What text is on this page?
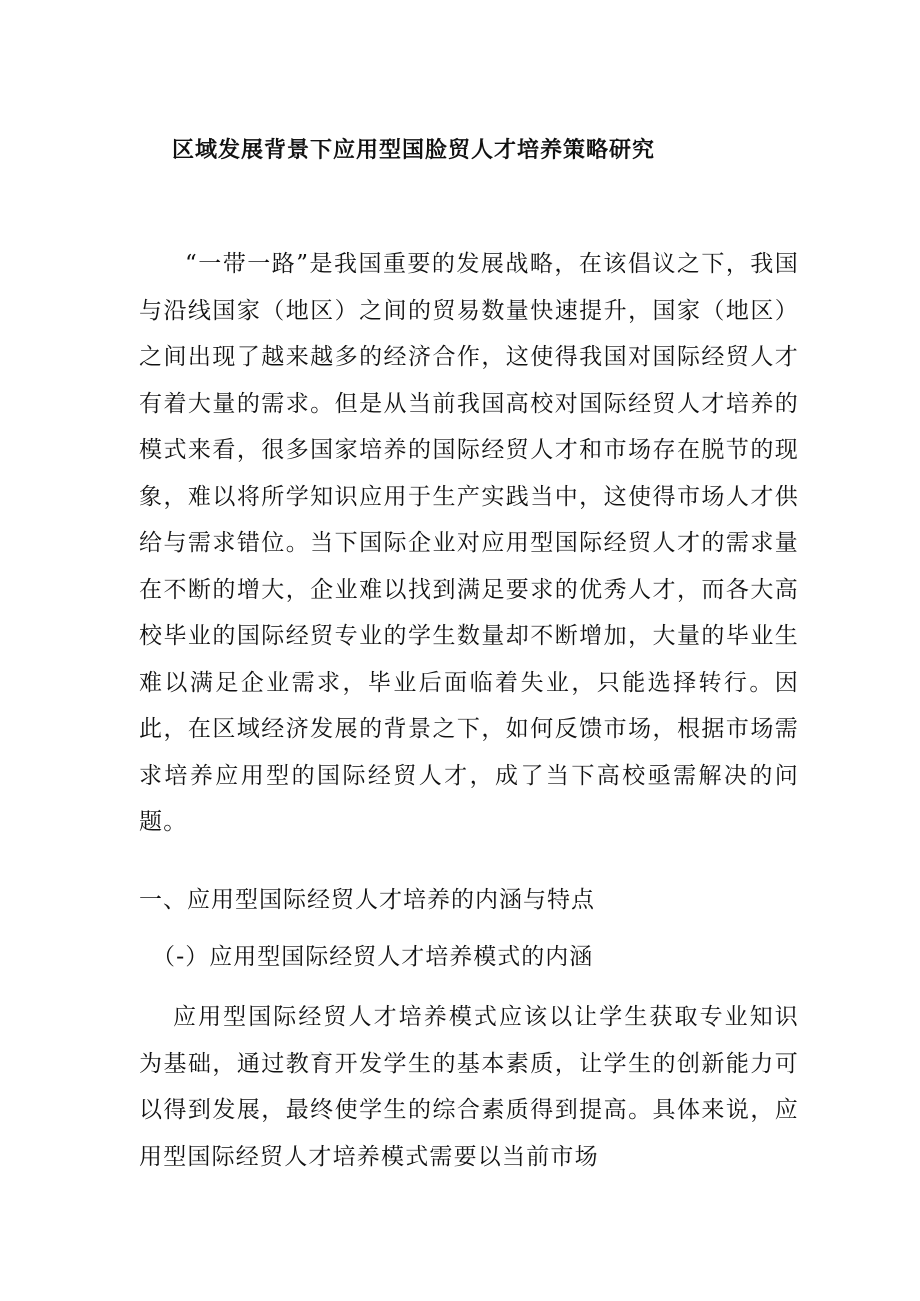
区域发展背景下应用型国脸贸人才培养策略研究

“一带一路”是我国重要的发展战略，在该倡议之下，我国与沿线国家（地区）之间的贸易数量快速提升，国家（地区）之间出现了越来越多的经济合作，这使得我国对国际经贸人才有着大量的需求。但是从当前我国高校对国际经贸人才培养的模式来看，很多国家培养的国际经贸人才和市场存在脱节的现象，难以将所学知识应用于生产实践当中，这使得市场人才供给与需求错位。当下国际企业对应用型国际经贸人才的需求量在不断的增大，企业难以找到满足要求的优秀人才，而各大高校毕业的国际经贸专业的学生数量却不断增加，大量的毕业生难以满足企业需求，毕业后面临着失业，只能选择转行。因此，在区域经济发展的背景之下，如何反馈市场，根据市场需求培养应用型的国际经贸人才，成了当下高校亟需解决的问题。

一、应用型国际经贸人才培养的内涵与特点
（-）应用型国际经贸人才培养模式的内涵

应用型国际经贸人才培养模式应该以让学生获取专业知识为基础，通过教育开发学生的基本素质，让学生的创新能力可以得到发展，最终使学生的综合素质得到提高。具体来说，应用型国际经贸人才培养模式需要以当前市场
